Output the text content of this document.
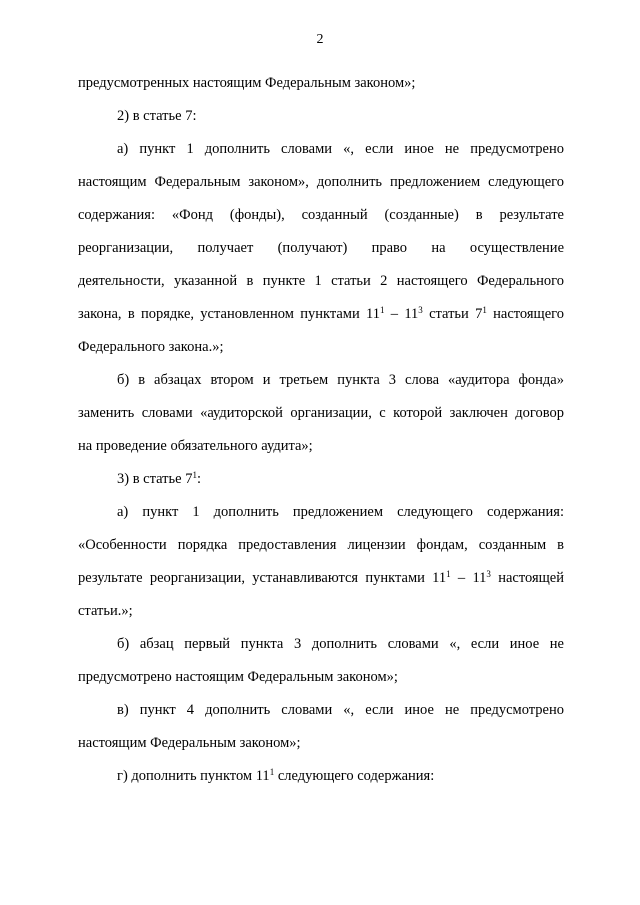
2
предусмотренных настоящим Федеральным законом»;
2) в статье 7:
а) пункт 1 дополнить словами «, если иное не предусмотрено
настоящим Федеральным законом», дополнить предложением следующего
содержания: «Фонд (фонды), созданный (созданные) в результате
реорганизации, получает (получают) право на осуществление
деятельности, указанной в пункте 1 статьи 2 настоящего Федерального
закона, в порядке, установленном пунктами $11^1 - 11^3$ статьи $7^1$ настоящего
Федерального закона.»;
б) в абзацах втором и третьем пункта 3 слова «аудитора фонда»
заменить словами «аудиторской организации, с которой заключен договор
на проведение обязательного аудита»;
3) в статье $7^1$:
а) пункт 1 дополнить предложением следующего содержания:
«Особенности порядка предоставления лицензии фондам, созданным в
результате реорганизации, устанавливаются пунктами $11^1 - 11^3$ настоящей
статьи.»;
б) абзац первый пункта 3 дополнить словами «, если иное не
предусмотрено настоящим Федеральным законом»;
в) пункт 4 дополнить словами «, если иное не предусмотрено
настоящим Федеральным законом»;
г) дополнить пунктом $11^1$ следующего содержания:
